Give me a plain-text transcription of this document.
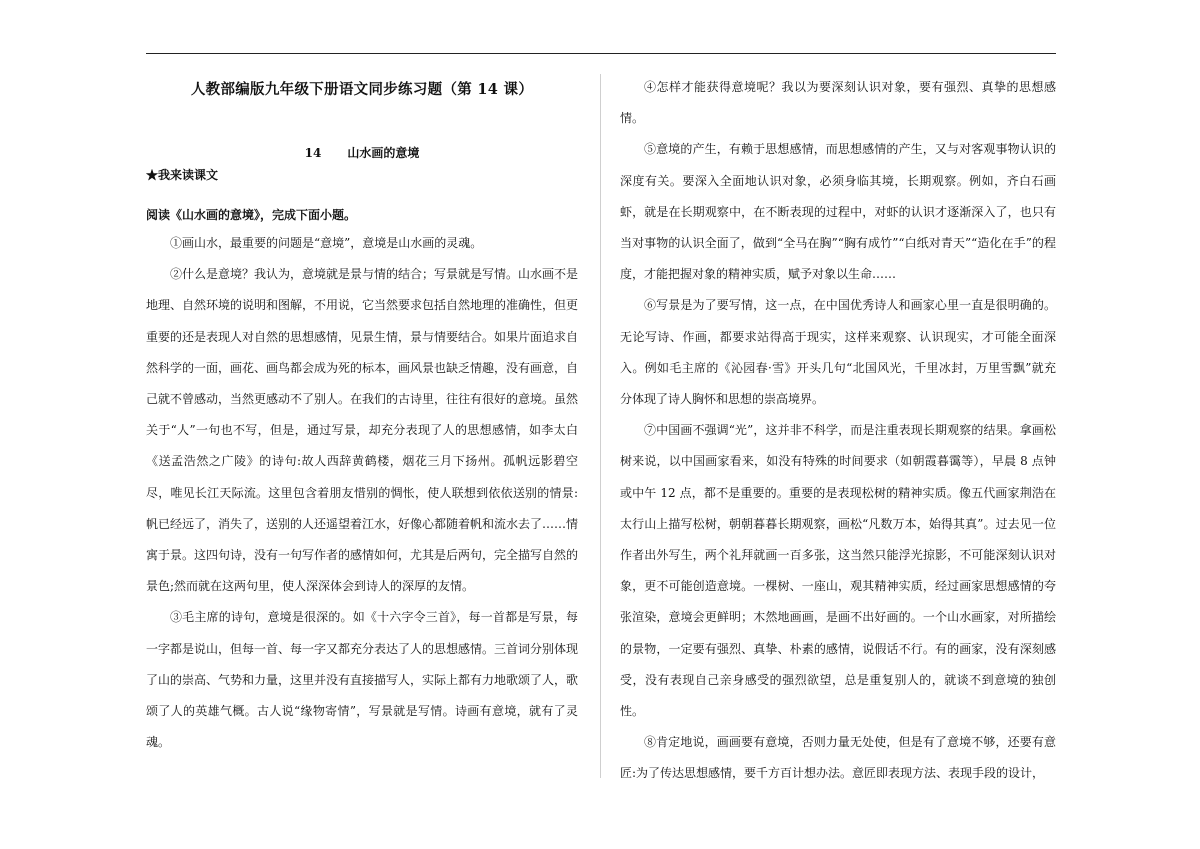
人教部编版九年级下册语文同步练习题（第 14 课）
14 山水画的意境
★我来读课文
阅读《山水画的意境》，完成下面小题。

①画山水，最重要的问题是“意境”，意境是山水画的灵魂。

②什么是意境？我认为，意境就是景与情的结合；写景就是写情。山水画不是地理、自然环境的说明和图解，不用说，它当然要求包括自然地理的准确性，但更重要的还是表现人对自然的思想感情，见景生情，景与情要结合。如果片面追求自然科学的一面，画花、画鸟都会成为死的标本，画风景也缺乏情趣，没有画意，自己就不曾感动，当然更感动不了别人。在我们的古诗里，往往有很好的意境。虽然关于“人”一句也不写，但是，通过写景，却充分表现了人的思想感情，如李太白《送孟浩然之广陵》的诗句:故人西辞黄鹤楼，烟花三月下扬州。孤帆远影碧空尽，唯见长江天际流。这里包含着朋友惜别的惆怅，使人联想到依依送别的情景:帆已经远了，消失了，送别的人还遥望着江水，好像心都随着帆和流水去了……情寓于景。这四句诗，没有一句写作者的感情如何，尤其是后两句，完全描写自然的景色;然而就在这两句里，使人深深体会到诗人的深厚的友情。

③毛主席的诗句，意境是很深的。如《十六字令三首》，每一首都是写景，每一字都是说山，但每一首、每一字又都充分表达了人的思想感情。三首词分别体现了山的崇高、气势和力量，这里并没有直接描写人，实际上都有力地歌颂了人，歌颂了人的英雄气概。古人说“缘物寄情”，写景就是写情。诗画有意境，就有了灵魂。

④怎样才能获得意境呢？我以为要深刻认识对象，要有强烈、真挚的思想感情。

⑤意境的产生，有赖于思想感情，而思想感情的产生，又与对客观事物认识的深度有关。要深入全面地认识对象，必须身临其境，长期观察。例如，齐白石画虾，就是在长期观察中，在不断表现的过程中，对虾的认识才逐渐深入了，也只有当对事物的认识全面了，做到“全马在胸”“胸有成竹”“白纸对青天”“造化在手”的程度，才能把握对象的精神实质，赋予对象以生命……

⑥写景是为了要写情，这一点，在中国优秀诗人和画家心里一直是很明确的。无论写诗、作画，都要求站得高于现实，这样来观察、认识现实，才可能全面深入。例如毛主席的《沁园春·雪》开头几句“北国风光，千里冰封，万里雪飘”就充分体现了诗人胸怀和思想的崇高境界。

⑦中国画不强调“光”，这并非不科学，而是注重表现长期观察的结果。拿画松树来说，以中国画家看来，如没有特殊的时间要求（如朝霞暮霭等），早晨 8 点钟或中午 12 点，都不是重要的。重要的是表现松树的精神实质。像五代画家荆浩在太行山上描写松树，朝朝暮暮长期观察，画松“凡数万本，始得其真”。过去见一位作者出外写生，两个礼拜就画一百多张，这当然只能浮光掠影，不可能深刻认识对象，更不可能创造意境。一棵树、一座山，观其精神实质，经过画家思想感情的夸张渲染，意境会更鲜明；木然地画画，是画不出好画的。一个山水画家，对所描绘的景物，一定要有强烈、真挚、朴素的感情，说假话不行。有的画家，没有深刻感受，没有表现自己亲身感受的强烈欲望，总是重复别人的，就谈不到意境的独创性。

⑧肯定地说，画画要有意境，否则力量无处使，但是有了意境不够，还要有意匠:为了传达思想感情，要千方百计想办法。意匠即表现方法、表现手段的设计，
